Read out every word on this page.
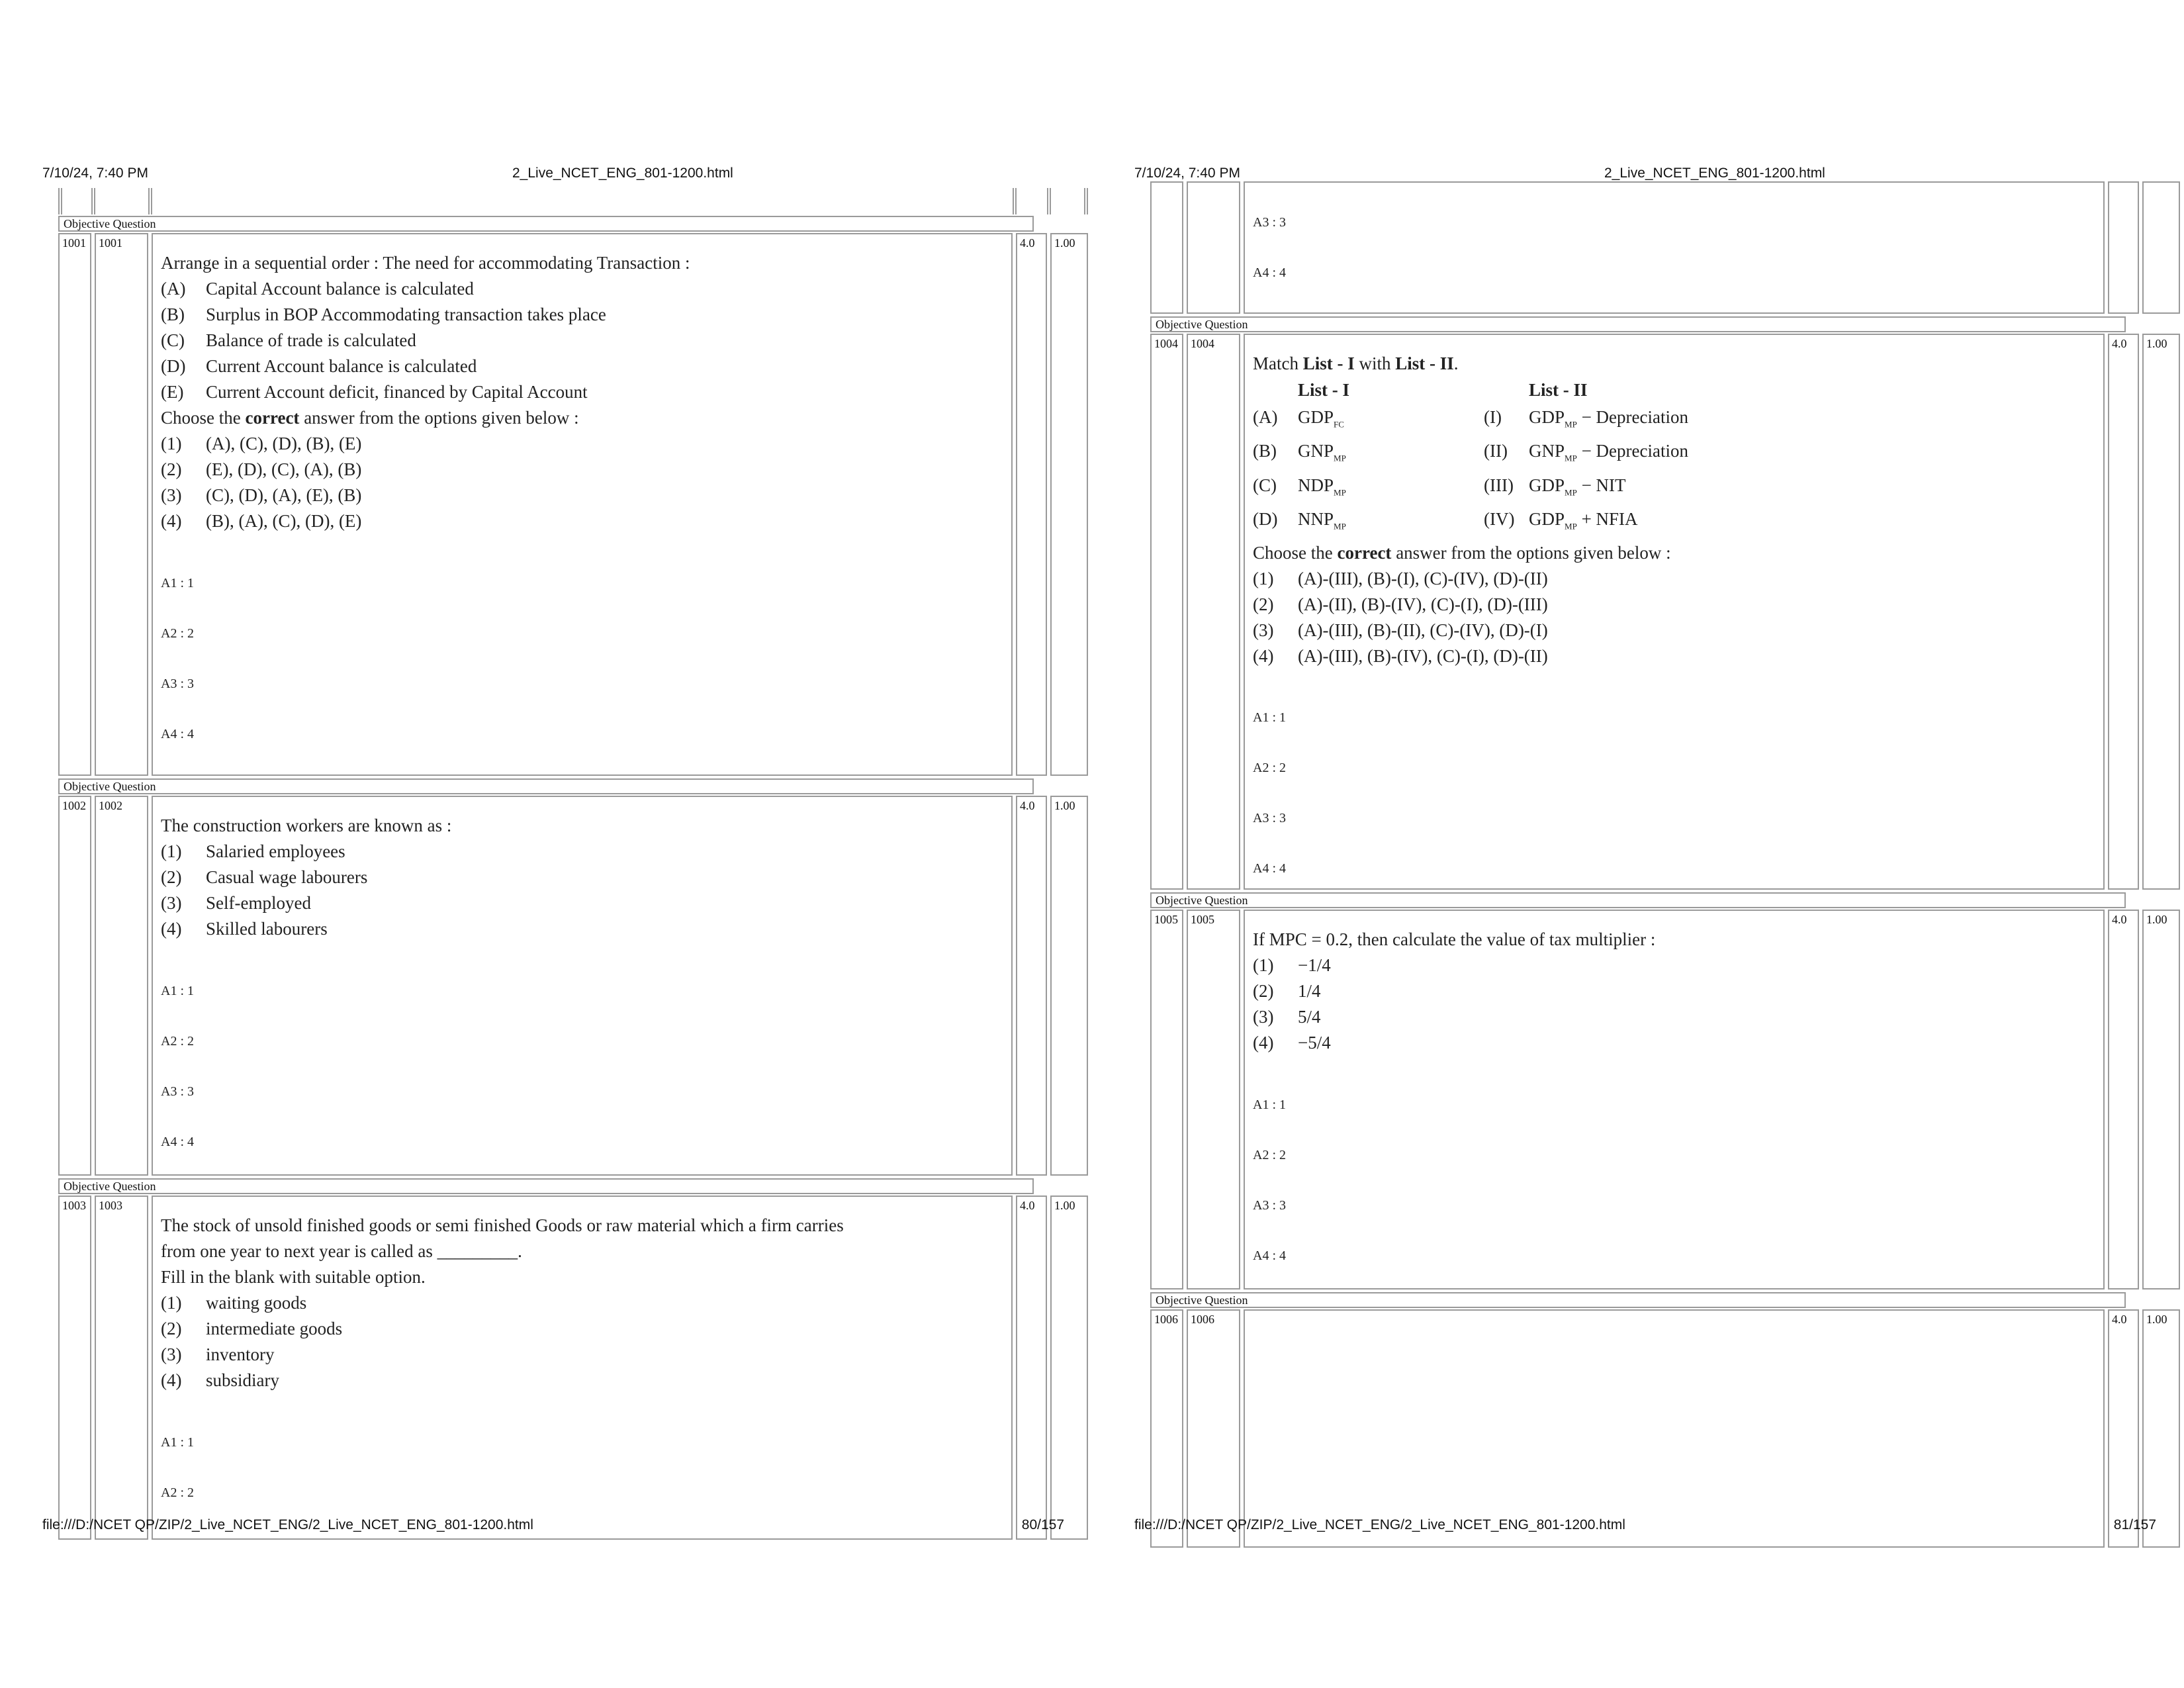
7/10/24, 7:40 PM	2_Live_NCET_ENG_801-1200.html
Objective Question
1001	1001
Arrange in a sequential order : The need for accommodating Transaction :
(A)	Capital Account balance is calculated
(B)	Surplus in BOP Accommodating transaction takes place
(C)	Balance of trade is calculated
(D)	Current Account balance is calculated
(E)	Current Account deficit, financed by Capital Account
Choose the correct answer from the options given below :
(1)	(A), (C), (D), (B), (E)
(2)	(E), (D), (C), (A), (B)
(3)	(C), (D), (A), (E), (B)
(4)	(B), (A), (C), (D), (E)
A1 : 1
A2 : 2
A3 : 3
A4 : 4
4.0	1.00
Objective Question
1002	1002
The construction workers are known as :
(1)	Salaried employees
(2)	Casual wage labourers
(3)	Self-employed
(4)	Skilled labourers
A1 : 1
A2 : 2
A3 : 3
A4 : 4
4.0	1.00
Objective Question
1003	1003
The stock of unsold finished goods or semi finished Goods or raw material which a firm carries
from one year to next year is called as _________.
Fill in the blank with suitable option.
(1)	waiting goods
(2)	intermediate goods
(3)	inventory
(4)	subsidiary
A1 : 1
A2 : 2
4.0	1.00
file:///D:/NCET QP/ZIP/2_Live_NCET_ENG/2_Live_NCET_ENG_801-1200.html	80/157
7/10/24, 7:40 PM	2_Live_NCET_ENG_801-1200.html
A3 : 3
A4 : 4
Objective Question
1004	1004
Match List - I with List - II.
List - I	List - II
(A)	$GDP_{FC}$	(I)	$GDP_{MP}$ − Depreciation
(B)	$GNP_{MP}$	(II)	$GNP_{MP}$ − Depreciation
(C)	$NDP_{MP}$	(III) $GDP_{MP}$ − NIT
(D)	$NNP_{MP}$	(IV) $GDP_{MP}$ + NFIA
Choose the correct answer from the options given below :
(1)	(A)-(III), (B)-(I), (C)-(IV), (D)-(II)
(2)	(A)-(II), (B)-(IV), (C)-(I), (D)-(III)
(3)	(A)-(III), (B)-(II), (C)-(IV), (D)-(I)
(4)	(A)-(III), (B)-(IV), (C)-(I), (D)-(II)
A1 : 1
A2 : 2
A3 : 3
A4 : 4
4.0	1.00
Objective Question
1005	1005
If MPC = 0.2, then calculate the value of tax multiplier :
(1)	−1/4
(2)	1/4
(3)	5/4
(4)	−5/4
A1 : 1
A2 : 2
A3 : 3
A4 : 4
4.0	1.00
Objective Question
1006	1006	4.0	1.00
file:///D:/NCET QP/ZIP/2_Live_NCET_ENG/2_Live_NCET_ENG_801-1200.html	81/157
